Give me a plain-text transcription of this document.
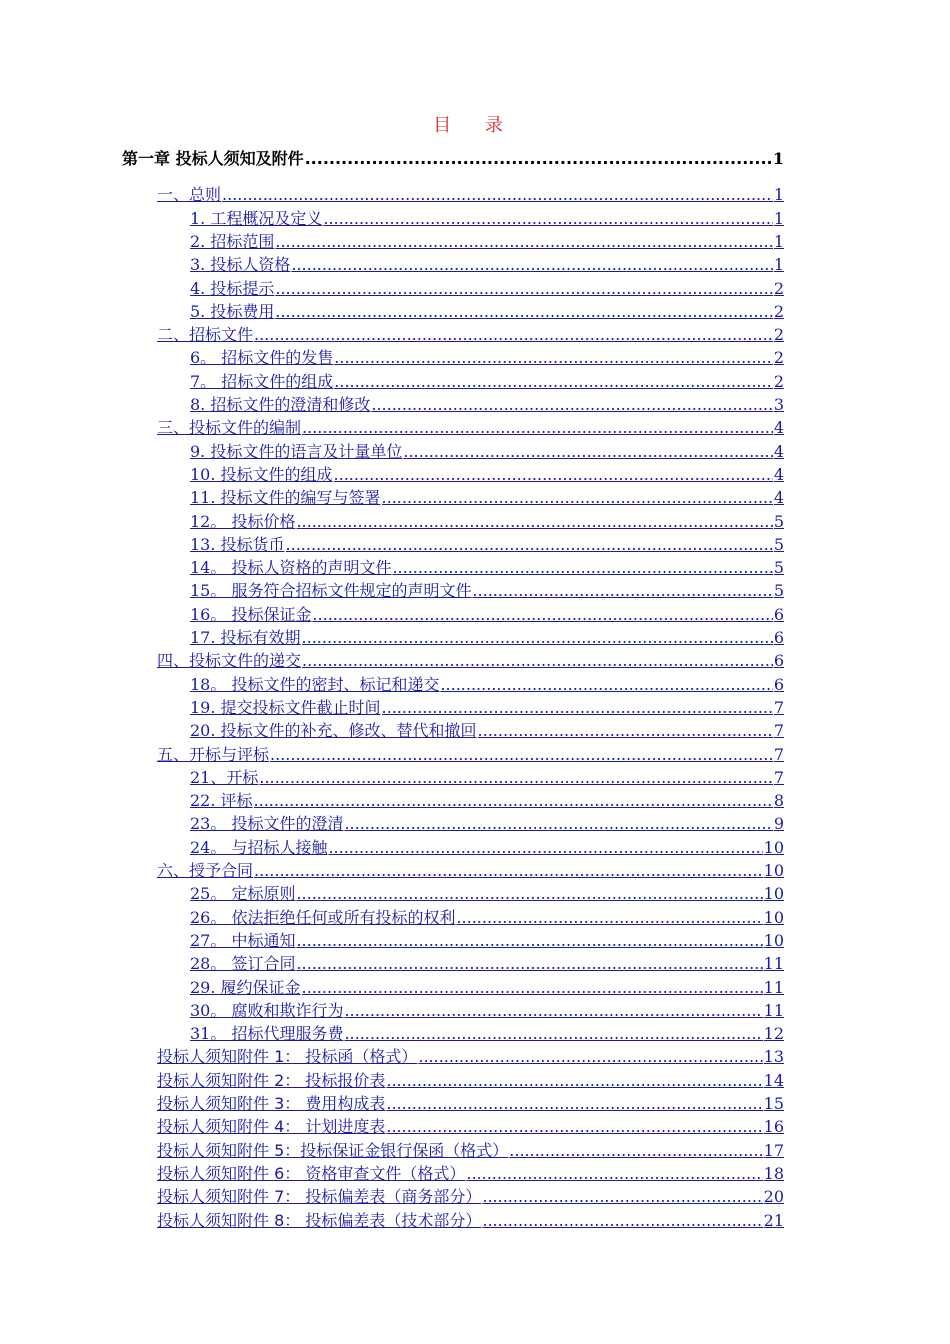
目 录
第一章 投标人须知及附件 .....	1
一、总则 .....	1
1. 工程概况及定义 .....	1
2. 招标范围 .....	1
3. 投标人资格 .....	1
4. 投标提示 .....	2
5. 投标费用 .....	2
二、招标文件 .....	2
6。 招标文件的发售 .....	2
7。 招标文件的组成 .....	2
8. 招标文件的澄清和修改 .....	3
三、投标文件的编制 .....	4
9. 投标文件的语言及计量单位 .....	4
10. 投标文件的组成 .....	4
11. 投标文件的编写与签署 .....	4
12。 投标价格 .....	5
13. 投标货币 .....	5
14。 投标人资格的声明文件 .....	5
15。 服务符合招标文件规定的声明文件 .....	5
16。 投标保证金 .....	6
17. 投标有效期 .....	6
四、投标文件的递交 .....	6
18。 投标文件的密封、标记和递交 .....	6
19. 提交投标文件截止时间 .....	7
20. 投标文件的补充、修改、替代和撤回 .....	7
五、开标与评标 .....	7
21、开标 .....	7
22. 评标 .....	8
23。 投标文件的澄清 .....	9
24。 与招标人接触 .....	10
六、授予合同 .....	10
25。 定标原则 .....	10
26。 依法拒绝任何或所有投标的权利 .....	10
27。 中标通知 .....	10
28。 签订合同 .....	11
29. 履约保证金 .....	11
30。 腐败和欺诈行为 .....	11
31。 招标代理服务费 .....	12
投标人须知附件 1： 投标函（格式） .....	13
投标人须知附件 2： 投标报价表 .....	14
投标人须知附件 3： 费用构成表 .....	15
投标人须知附件 4： 计划进度表 .....	16
投标人须知附件 5：投标保证金银行保函（格式） .....	17
投标人须知附件 6： 资格审查文件（格式） .....	18
投标人须知附件 7： 投标偏差表（商务部分） .....	20
投标人须知附件 8： 投标偏差表（技术部分） .....	21
